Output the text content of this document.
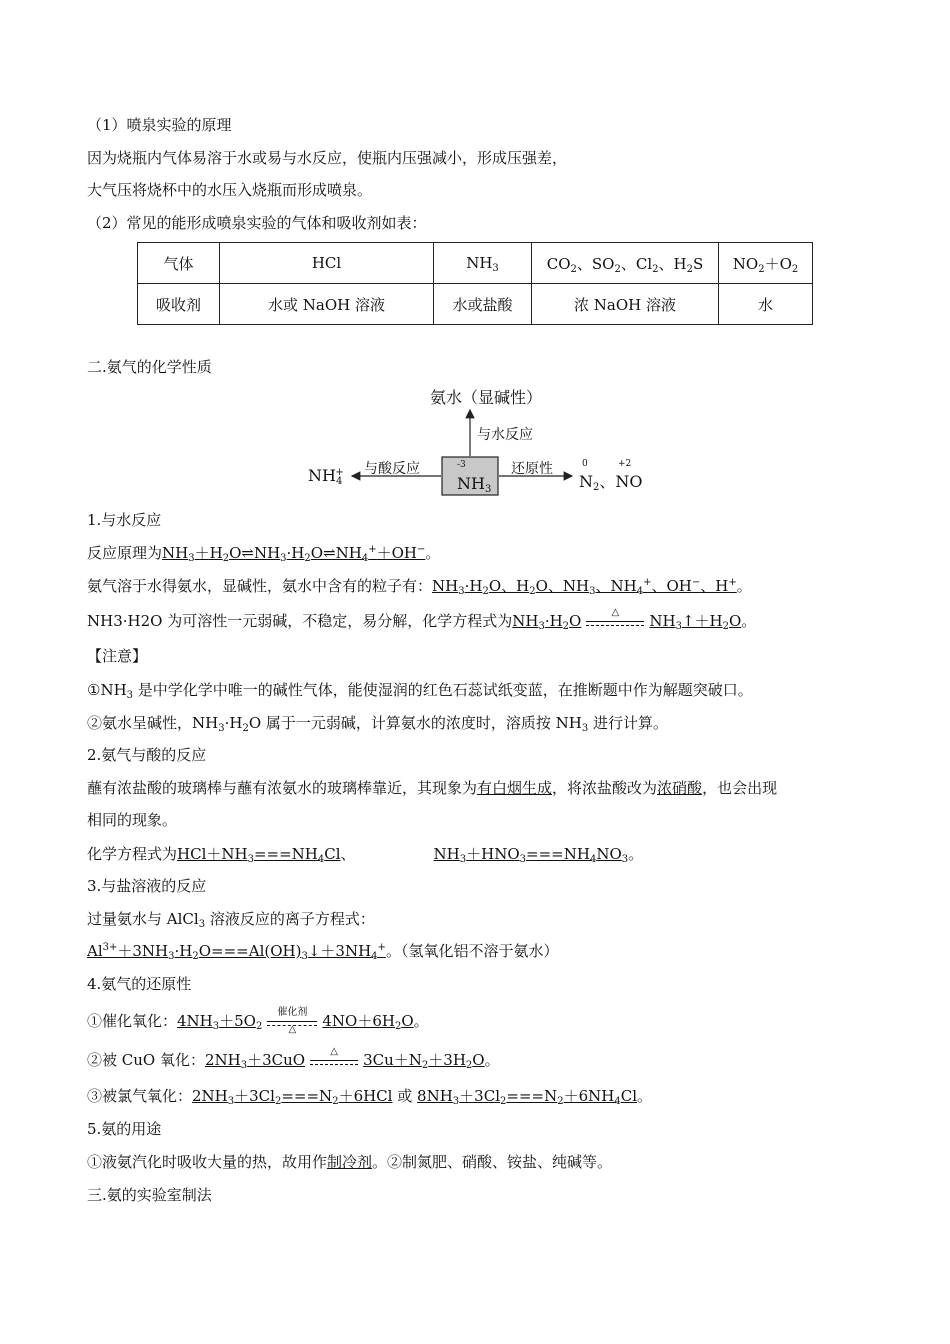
（1）喷泉实验的原理
因为烧瓶内气体易溶于水或易与水反应，使瓶内压强减小，形成压强差，
大气压将烧杯中的水压入烧瓶而形成喷泉。
（2）常见的能形成喷泉实验的气体和吸收剂如表：
气体	HCl	$NH_3$	$CO_2$、$SO_2$、$Cl_2$、$H_2S$	$NO_2+O_2$
吸收剂	水或 NaOH 溶液	水或盐酸	浓 NaOH 溶液	水
二.氨气的化学性质
氨水（显碱性）
与水反应
与酸反应	还原性
-3
$NH_3$
$NH_4^+$
0	+2
$N_2$、NO
1.与水反应
反应原理为$NH_3+H_2O\rightleftharpoons NH_3\cdot H_2O\rightleftharpoons NH_4^++OH^-$。
氨气溶于水得氨水，显碱性，氨水中含有的粒子有：$NH_3\cdot H_2O$、$H_2O$、$NH_3$、$NH_4^+$、OH−、H+。
NH3·H2O 为可溶性一元弱碱，不稳定，易分解，化学方程式为$NH_3\cdot H_2O$	△	$NH_3↑+H_2O$。
【注意】
$①NH_3$ 是中学化学中唯一的碱性气体，能使湿润的红色石蕊试纸变蓝，在推断题中作为解题突破口。
②氨水呈碱性，$NH_3\cdot H_2O$ 属于一元弱碱，计算氨水的浓度时，溶质按 $NH_3$ 进行计算。
2.氨气与酸的反应
蘸有浓盐酸的玻璃棒与蘸有浓氨水的玻璃棒靠近，其现象为有白烟生成，将浓盐酸改为浓硝酸，也会出现
相同的现象。
化学方程式为$HCl+NH_3===NH_4Cl$、	$NH_3+HNO_3===NH_4NO_3$。
3.与盐溶液的反应
过量氨水与 AlCl$_3$ 溶液反应的离子方程式：
$Al^{3+}+3NH_3\cdot H_2O===Al(OH)_3↓+3NH_4^+$。（氢氧化铝不溶于氨水）
4.氨气的还原性
①催化氧化：$4NH_3+5O_2$
催化剂
△	$4NO+6H_2O$。
②被 CuO 氧化：$2NH_3+3CuO$	△	$3Cu+N_2+3H_2O$。
③被氯气氧化：$2NH_3+3Cl_2===N_2+6HCl$ 或 $8NH_3+3Cl_2===N_2+6NH_4Cl$。
5.氨的用途
①液氨汽化时吸收大量的热，故用作制冷剂。②制氮肥、硝酸、铵盐、纯碱等。
三.氨的实验室制法
